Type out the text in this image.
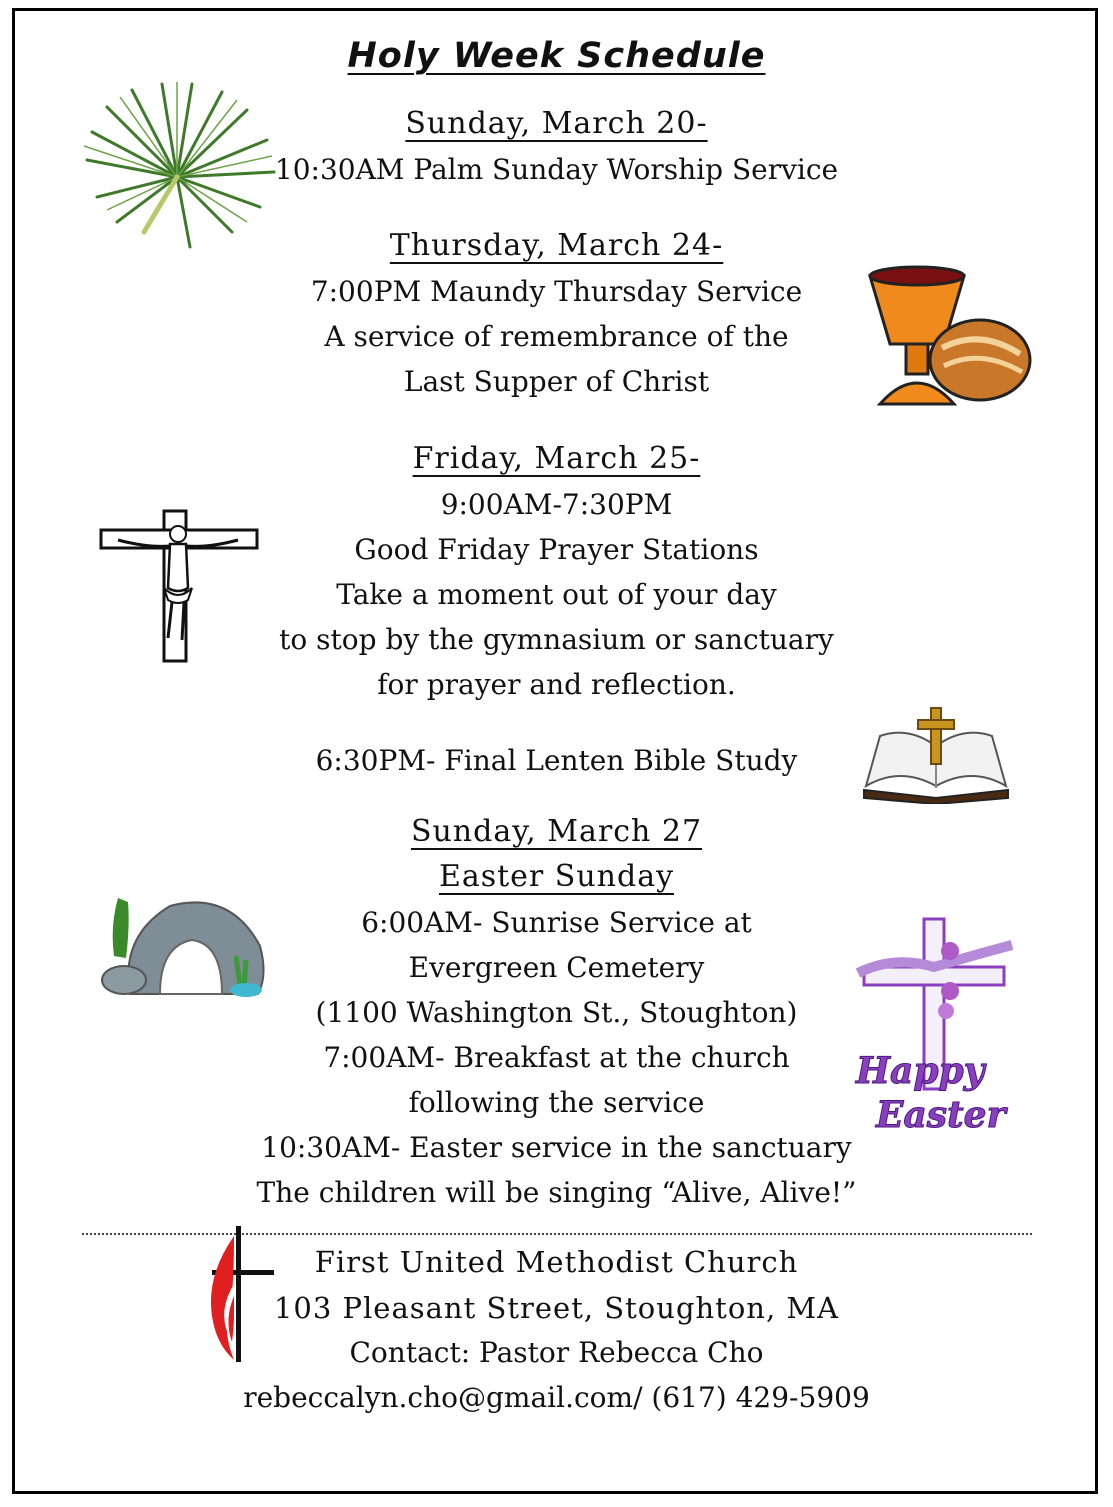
Holy Week Schedule
Sunday, March 20-
10:30AM Palm Sunday Worship Service
Thursday, March 24-
7:00PM Maundy Thursday Service
A service of remembrance of the
Last Supper of Christ
Friday, March 25-
9:00AM-7:30PM
Good Friday Prayer Stations
Take a moment out of your day
to stop by the gymnasium or sanctuary
for prayer and reflection.
6:30PM- Final Lenten Bible Study
Sunday, March 27
Easter Sunday
6:00AM- Sunrise Service at
Evergreen Cemetery
(1100 Washington St., Stoughton)
7:00AM- Breakfast at the church
following the service
10:30AM- Easter service in the sanctuary
The children will be singing “Alive, Alive!”
First United Methodist Church
103 Pleasant Street, Stoughton, MA
Contact: Pastor Rebecca Cho
rebeccalyn.cho@gmail.com/ (617) 429-5909
Happy
Easter
